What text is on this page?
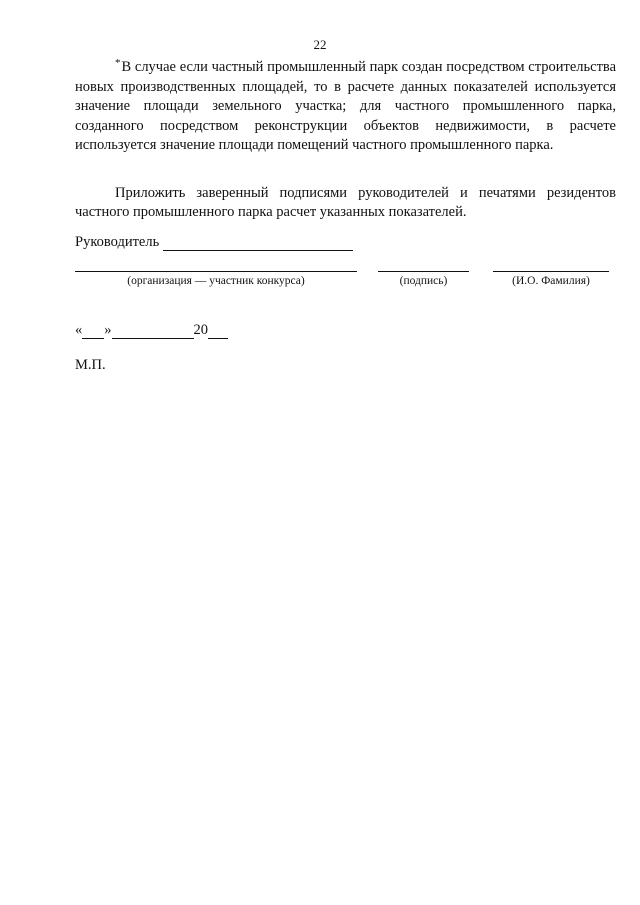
22

*В случае если частный промышленный парк создан посредством строительства новых производственных площадей, то в расчете данных показателей используется значение площади земельного участка; для частного промышленного парка, созданного посредством реконструкции объектов недвижимости, в расчете используется значение площади помещений частного промышленного парка.

Приложить заверенный подписями руководителей и печатями резидентов частного промышленного парка расчет указанных показателей.

Руководитель
(организация — участник конкурса)	(подпись)	(И.О. Фамилия)
« »	20
М.П.
